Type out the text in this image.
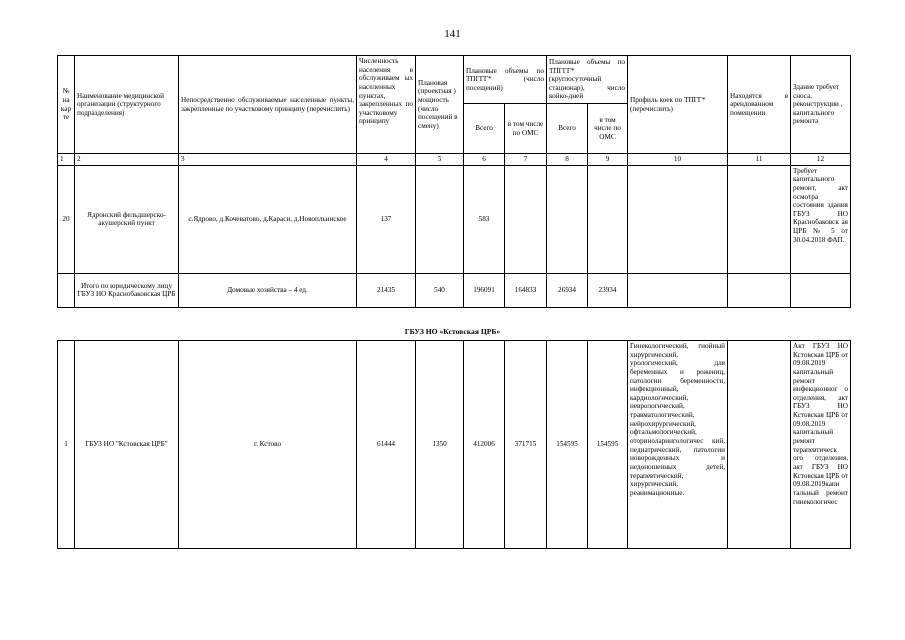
141
№ на кар те	Наименование медицинской организации (структурного подразделения)	Непосредственно обслуживаемые населенные пункты, закрепленные по участковому принципу (перечислить)	Численность населения в обслуживаем ых населенных пунктах, закрепленных по участковому принципу	Плановая (проектная ) мощность (число посещений в смену)	Плановые объемы по ТПГГГ* (число посещений)		Плановые объемы по ТПГГГ* (круглосуточный стационар), число койко-дней		Профиль коек по ТПГГ* (перечислить)	Находятся в арендованном помещении	Здание требует сноса, реконструкции , капитального ремонта
					Всего	в том числе по ОМС	Всего	в том числе по ОМС			
1	2	3	4	5	6	7	8	9	10	11	12
20	Ядронский фельдшерско-акушерский пункт	с.Ядрово, д.Кочеватово, д.Караси, д.Новопльинское	137		583						Требует капитального ремонт, акт осмотра состояния здания ГБУЗ НО Краснобаковск ая ЦРБ № 5 от 30.04.2018 ФАП.
	Итого по юридическому лицу ГБУЗ НО Краснобаковская ЦРБ	Домовые хозяйства – 4 ед.	21435	540	196091	164833	26934	23934			
ГБУЗ НО «Кстовская ЦРБ»
1	ГБУЗ НО "Кстовская ЦРБ"	г. Кстово	61444	1350	412006	371715	154595	154595	Гинекологический, гнойный хирургический, урологический, для беременных и рожениц, патологии беременности, инфекционный, кардиологический, неврологический, травматологический, нейрохирургический, офтальмологический, оториноларингологичес кий, педиатрический, патологии новорожденных и недоношенных детей, терапевтический, хирургический, реанимационные.		Акт ГБУЗ НО Кстовская ЦРБ от 09.08.2019 капитальный ремонт инфекционног о отделения, акт ГБУЗ НО Кстовская ЦРБ от 09.08.2019 капитальный ремонт терапевтическ ого отделения, акт ГБУЗ НО Кстовская ЦРБ от 09.08.2019капи тальный ремонт гинекологичес
